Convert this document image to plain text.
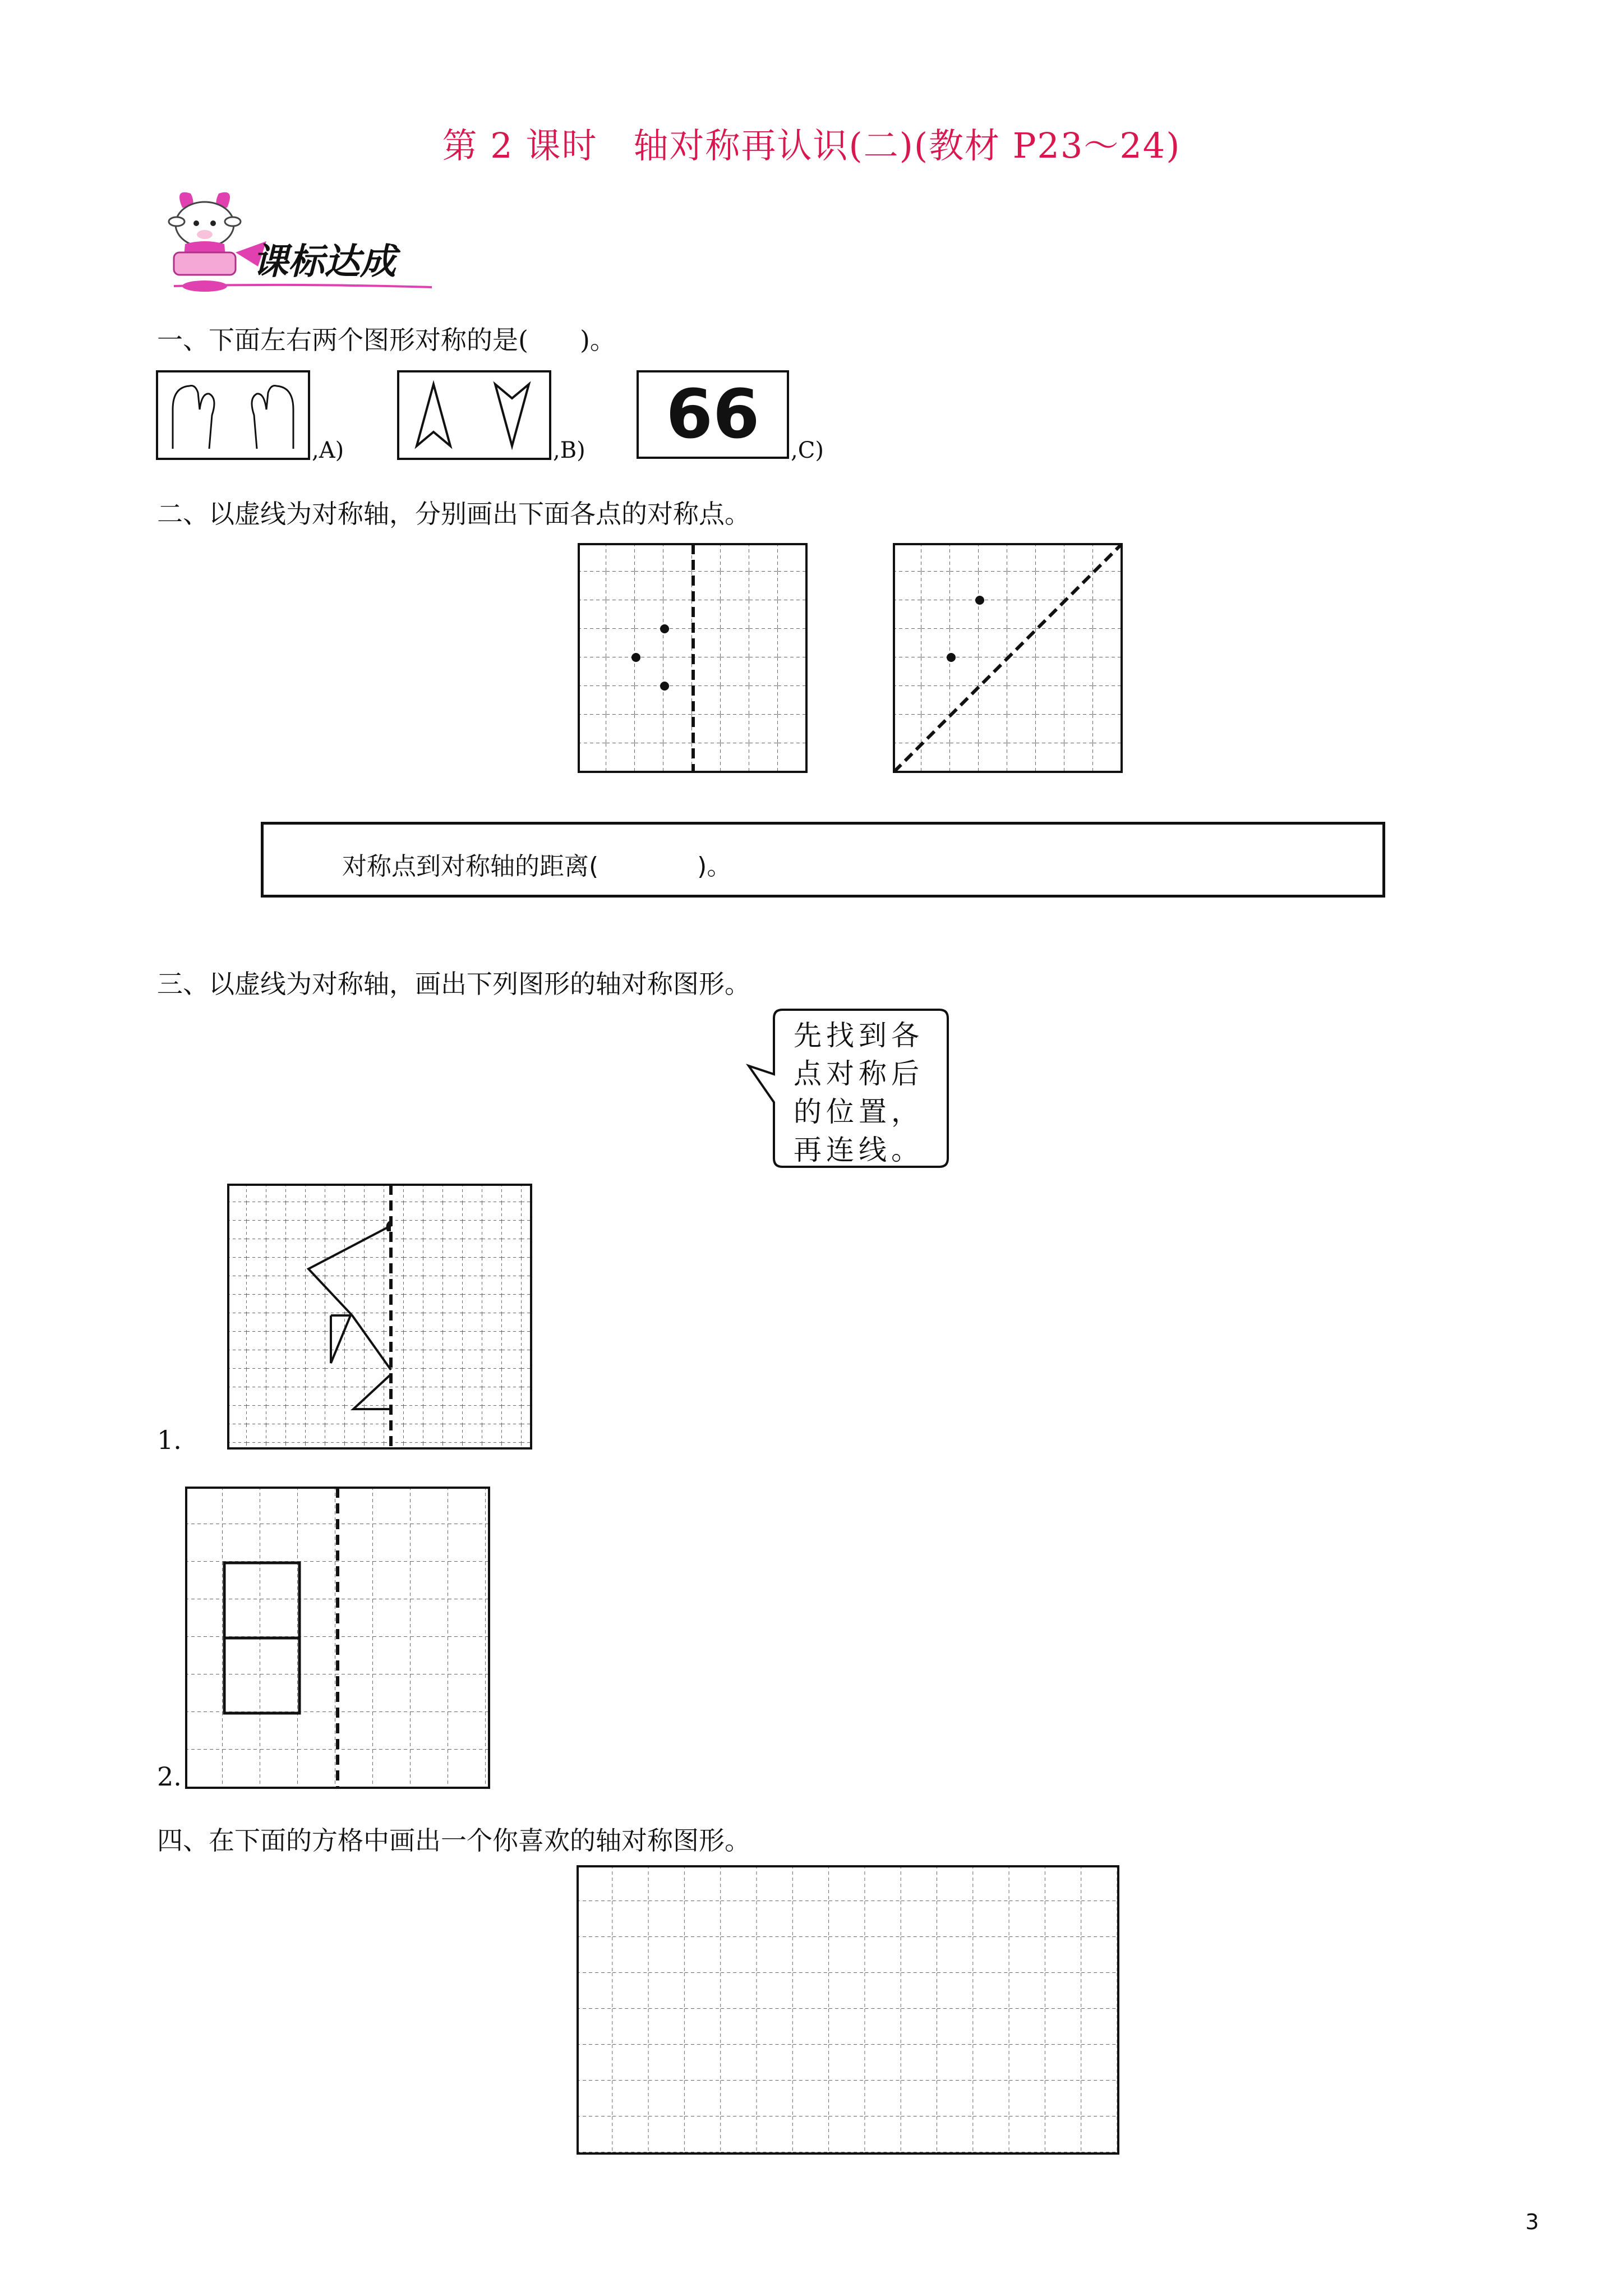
第 2 课时　轴对称再认识(二)(教材 P23～24)
课标达成
一、下面左右两个图形对称的是(　　)。
,A)	,B)	66	,C)
二、以虚线为对称轴，分别画出下面各点的对称点。
对称点到对称轴的距离(　　　　)。
三、以虚线为对称轴，画出下列图形的轴对称图形。
先找到各
点对称后
的位置，
再连线。
1.
2.
四、在下面的方格中画出一个你喜欢的轴对称图形。
3
